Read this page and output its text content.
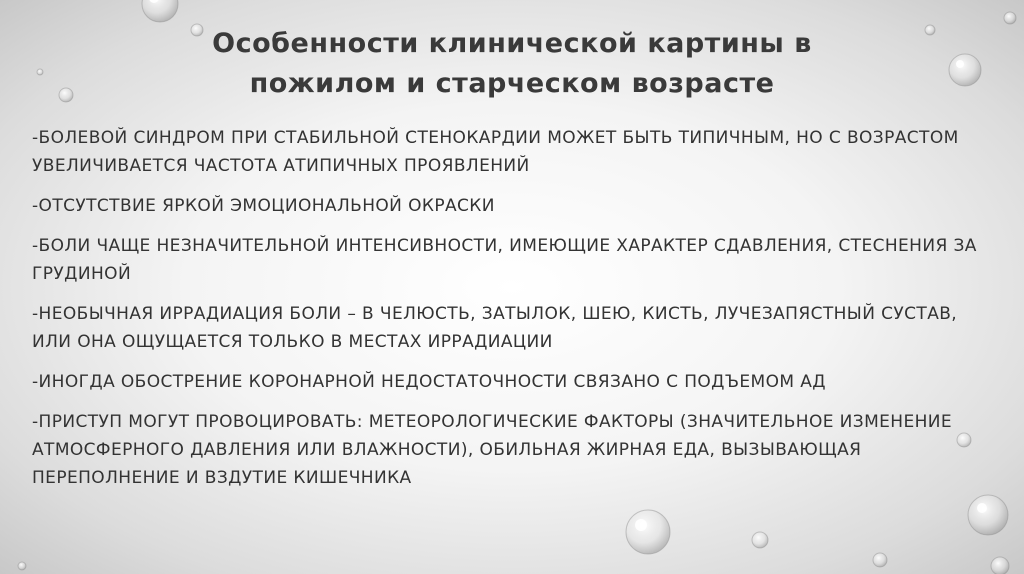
Особенности клинической картины в
пожилом и старческом возрасте
-БОЛЕВОЙ СИНДРОМ ПРИ СТАБИЛЬНОЙ СТЕНОКАРДИИ МОЖЕТ БЫТЬ ТИПИЧНЫМ, НО С ВОЗРАСТОМ УВЕЛИЧИВАЕТСЯ ЧАСТОТА АТИПИЧНЫХ ПРОЯВЛЕНИЙ
-ОТСУТСТВИЕ ЯРКОЙ ЭМОЦИОНАЛЬНОЙ ОКРАСКИ
-БОЛИ ЧАЩЕ НЕЗНАЧИТЕЛЬНОЙ ИНТЕНСИВНОСТИ, ИМЕЮЩИЕ ХАРАКТЕР СДАВЛЕНИЯ, СТЕСНЕНИЯ ЗА ГРУДИНОЙ
-НЕОБЫЧНАЯ ИРРАДИАЦИЯ БОЛИ – В ЧЕЛЮСТЬ, ЗАТЫЛОК, ШЕЮ, КИСТЬ, ЛУЧЕЗАПЯСТНЫЙ СУСТАВ, ИЛИ ОНА ОЩУЩАЕТСЯ ТОЛЬКО В МЕСТАХ ИРРАДИАЦИИ
-ИНОГДА ОБОСТРЕНИЕ КОРОНАРНОЙ НЕДОСТАТОЧНОСТИ СВЯЗАНО С ПОДЪЕМОМ АД
-ПРИСТУП МОГУТ ПРОВОЦИРОВАТЬ: МЕТЕОРОЛОГИЧЕСКИЕ ФАКТОРЫ (ЗНАЧИТЕЛЬНОЕ ИЗМЕНЕНИЕ АТМОСФЕРНОГО ДАВЛЕНИЯ ИЛИ ВЛАЖНОСТИ), ОБИЛЬНАЯ ЖИРНАЯ ЕДА, ВЫЗЫВАЮЩАЯ ПЕРЕПОЛНЕНИЕ И ВЗДУТИЕ КИШЕЧНИКА
